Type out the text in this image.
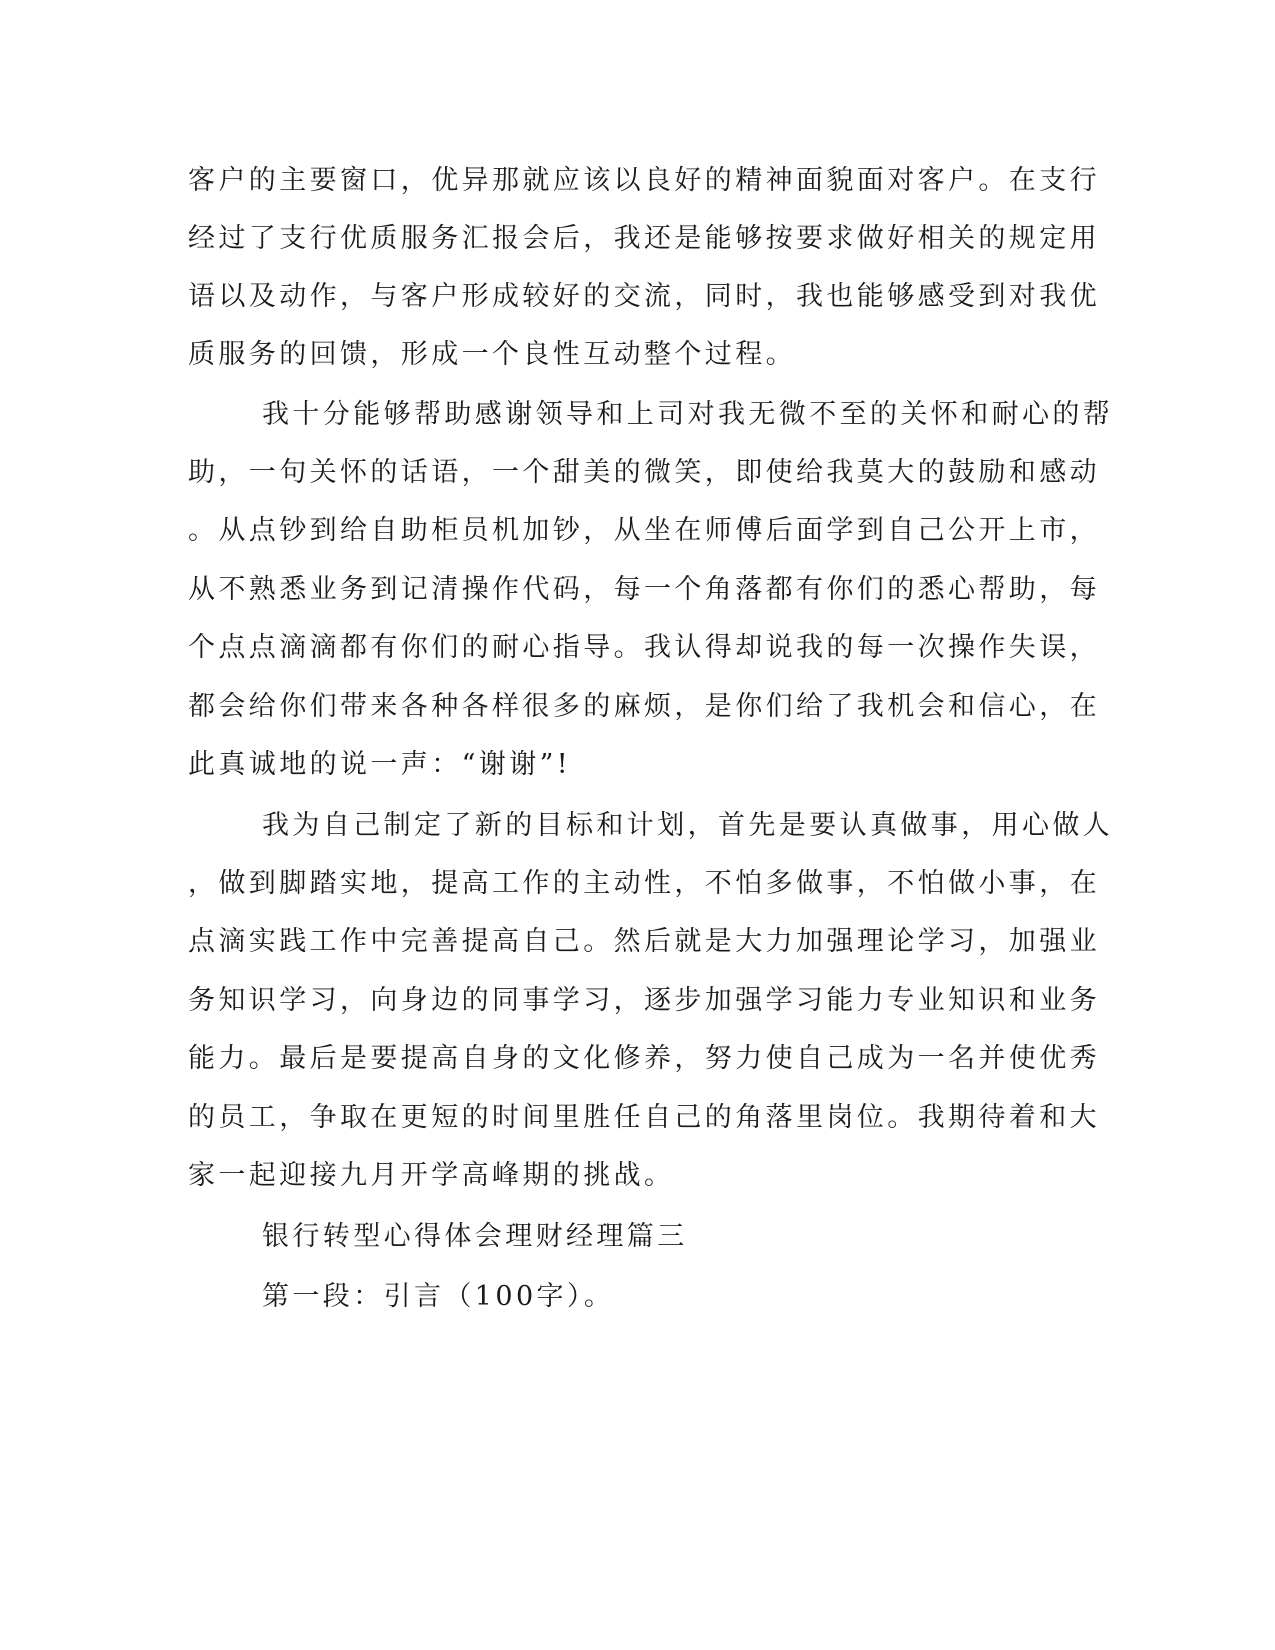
客户的主要窗口，优异那就应该以良好的精神面貌面对客户。在支行
经过了支行优质服务汇报会后，我还是能够按要求做好相关的规定用
语以及动作，与客户形成较好的交流，同时，我也能够感受到对我优
质服务的回馈，形成一个良性互动整个过程。
我十分能够帮助感谢领导和上司对我无微不至的关怀和耐心的帮
助，一句关怀的话语，一个甜美的微笑，即使给我莫大的鼓励和感动
。从点钞到给自助柜员机加钞，从坐在师傅后面学到自己公开上市，
从不熟悉业务到记清操作代码，每一个角落都有你们的悉心帮助，每
个点点滴滴都有你们的耐心指导。我认得却说我的每一次操作失误，
都会给你们带来各种各样很多的麻烦，是你们给了我机会和信心，在
此真诚地的说一声：“谢谢”!
我为自己制定了新的目标和计划，首先是要认真做事，用心做人
，做到脚踏实地，提高工作的主动性，不怕多做事，不怕做小事，在
点滴实践工作中完善提高自己。然后就是大力加强理论学习，加强业
务知识学习，向身边的同事学习，逐步加强学习能力专业知识和业务
能力。最后是要提高自身的文化修养，努力使自己成为一名并使优秀
的员工，争取在更短的时间里胜任自己的角落里岗位。我期待着和大
家一起迎接九月开学高峰期的挑战。
银行转型心得体会理财经理篇三
第一段：引言（100字）。
